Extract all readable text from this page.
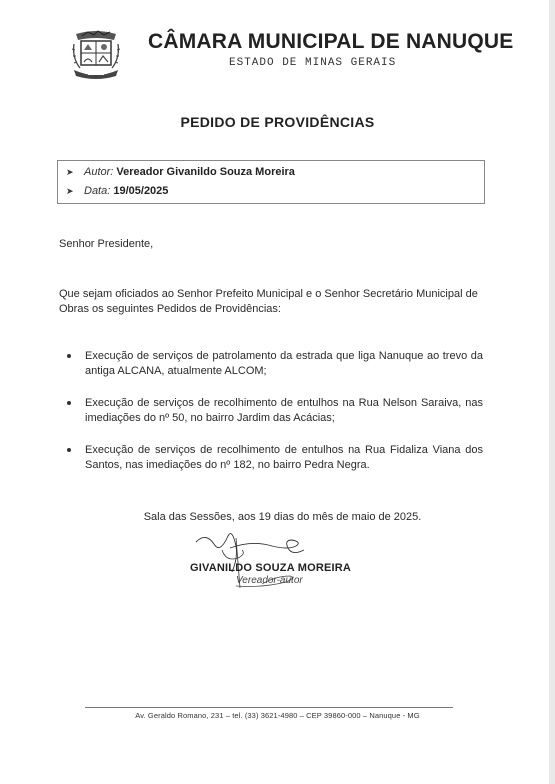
CÂMARA MUNICIPAL DE NANUQUE
ESTADO DE MINAS GERAIS
PEDIDO DE PROVIDÊNCIAS
➤ Autor: Vereador Givanildo Souza Moreira
➤ Data: 19/05/2025
Senhor Presidente,
Que sejam oficiados ao Senhor Prefeito Municipal e o Senhor Secretário Municipal de Obras os seguintes Pedidos de Providências:
Execução de serviços de patrolamento da estrada que liga Nanuque ao trevo da antiga ALCANA, atualmente ALCOM;
Execução de serviços de recolhimento de entulhos na Rua Nelson Saraiva, nas imediações do nº 50, no bairro Jardim das Acácias;
Execução de serviços de recolhimento de entulhos na Rua Fidaliza Viana dos Santos, nas imediações do nº 182, no bairro Pedra Negra.
Sala das Sessões, aos 19 dias do mês de maio de 2025.
GIVANILDO SOUZA MOREIRA
Vereador-autor
Av. Geraldo Romano, 231 – tel. (33) 3621-4980 – CEP 39860-000 – Nanuque - MG
